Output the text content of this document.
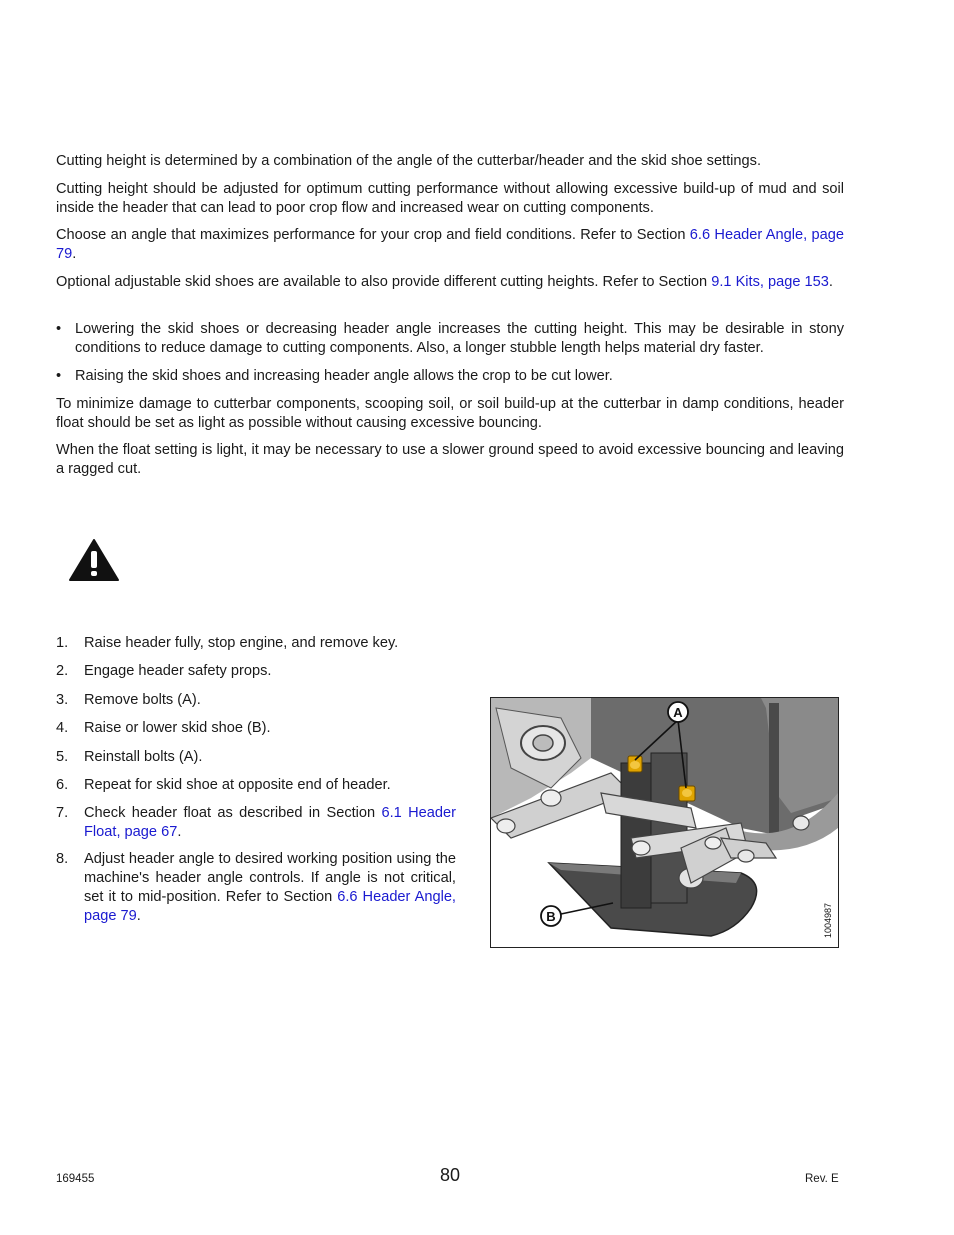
Cutting height is determined by a combination of the angle of the cutterbar/header and the skid shoe settings.

Cutting height should be adjusted for optimum cutting performance without allowing excessive build-up of mud and soil inside the header that can lead to poor crop flow and increased wear on cutting components.

Choose an angle that maximizes performance for your crop and field conditions. Refer to Section 6.6 Header Angle, page 79.

Optional adjustable skid shoes are available to also provide different cutting heights. Refer to Section 9.1 Kits, page 153.

• Lowering the skid shoes or decreasing header angle increases the cutting height. This may be desirable in stony conditions to reduce damage to cutting components. Also, a longer stubble length helps material dry faster.
• Raising the skid shoes and increasing header angle allows the crop to be cut lower.

To minimize damage to cutterbar components, scooping soil, or soil build-up at the cutterbar in damp conditions, header float should be set as light as possible without causing excessive bouncing.

When the float setting is light, it may be necessary to use a slower ground speed to avoid excessive bouncing and leaving a ragged cut.

1. Raise header fully, stop engine, and remove key.
2. Engage header safety props.
3. Remove bolts (A).
4. Raise or lower skid shoe (B).
5. Reinstall bolts (A).
6. Repeat for skid shoe at opposite end of header.
7. Check header float as described in Section 6.1 Header Float, page 67.
8. Adjust header angle to desired working position using the machine's header angle controls. If angle is not critical, set it to mid-position. Refer to Section 6.6 Header Angle, page 79.
A
B	1004987
169455	80	Rev. E
